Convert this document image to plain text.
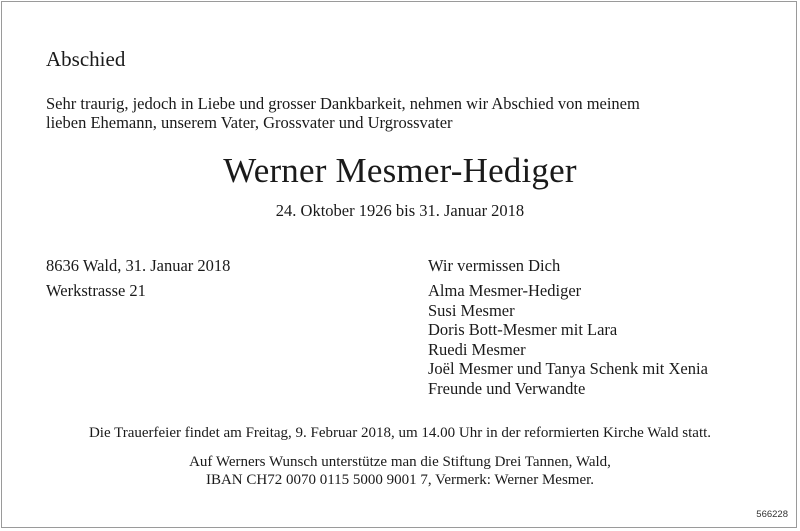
Abschied
Sehr traurig, jedoch in Liebe und grosser Dankbarkeit, nehmen wir Abschied von meinem
lieben Ehemann, unserem Vater, Grossvater und Urgrossvater
Werner Mesmer-Hediger
24. Oktober 1926 bis 31. Januar 2018
8636 Wald, 31. Januar 2018
Werkstrasse 21
Wir vermissen Dich
Alma Mesmer-Hediger
Susi Mesmer
Doris Bott-Mesmer mit Lara
Ruedi Mesmer
Joël Mesmer und Tanya Schenk mit Xenia
Freunde und Verwandte
Die Trauerfeier findet am Freitag, 9. Februar 2018, um 14.00 Uhr in der reformierten Kirche Wald statt.
Auf Werners Wunsch unterstütze man die Stiftung Drei Tannen, Wald,
IBAN CH72 0070 0115 5000 9001 7, Vermerk: Werner Mesmer.
566228
